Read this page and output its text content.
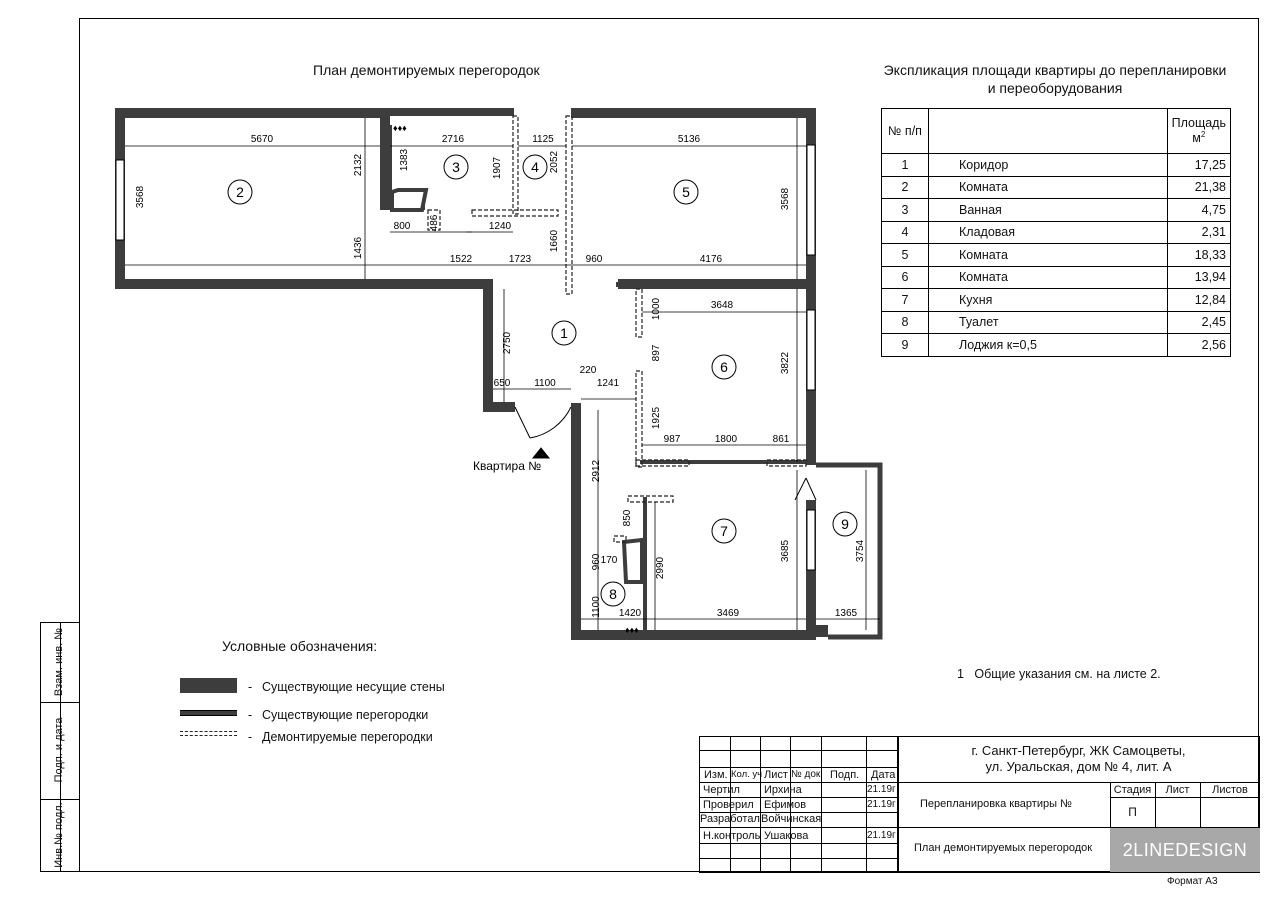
План демонтируемых перегородок	Экспликация площади квартиры до перепланировки
и переоборудования
2
3	4
5
1
6
7
8
9
5670	2716	1125	5136
1522	1723	960	4176
800	1240
3648
650 1100
220
1241
987	1800	861
170
1420	3469	1365
3568
2132
1436
1383
486
1907	2052
1660
3568
1000
2750	897	3822
1925
2912
850
960	2990
3685	3754
1100
Квартира №
♦♦♦
♦♦♦
№ п/п		Площадь
$м^2$
1	Коридор	17,25
2	Комната	21,38
3	Ванная	4,75
4	Кладовая	2,31
5	Комната	18,33
6	Комната	13,94
7	Кухня	12,84
8	Туалет	2,45
9	Лоджия к=0,5	2,56
1   Общие указания см. на листе 2.
Условные обозначения:
- Существующие несущие стены
- Существующие перегородки
- Демонтируемые перегородки
Взам. инв. №
Подп. и дата
Инв.№ подл.
Изм. Кол. уч Лист № док Подп. Дата
Чертил Ирхина	21.19г
Проверил Ефимов	21.19г
Разработал Войчинская
Н.контроль Ушакова	21.19г
г. Санкт-Петербург, ЖК Самоцветы,
ул. Уральская, дом № 4, лит. А
Перепланировка квартиры №
План демонтируемых перегородок
Стадия	Лист	Листов
П
2LINEDESIGN
Формат А3
